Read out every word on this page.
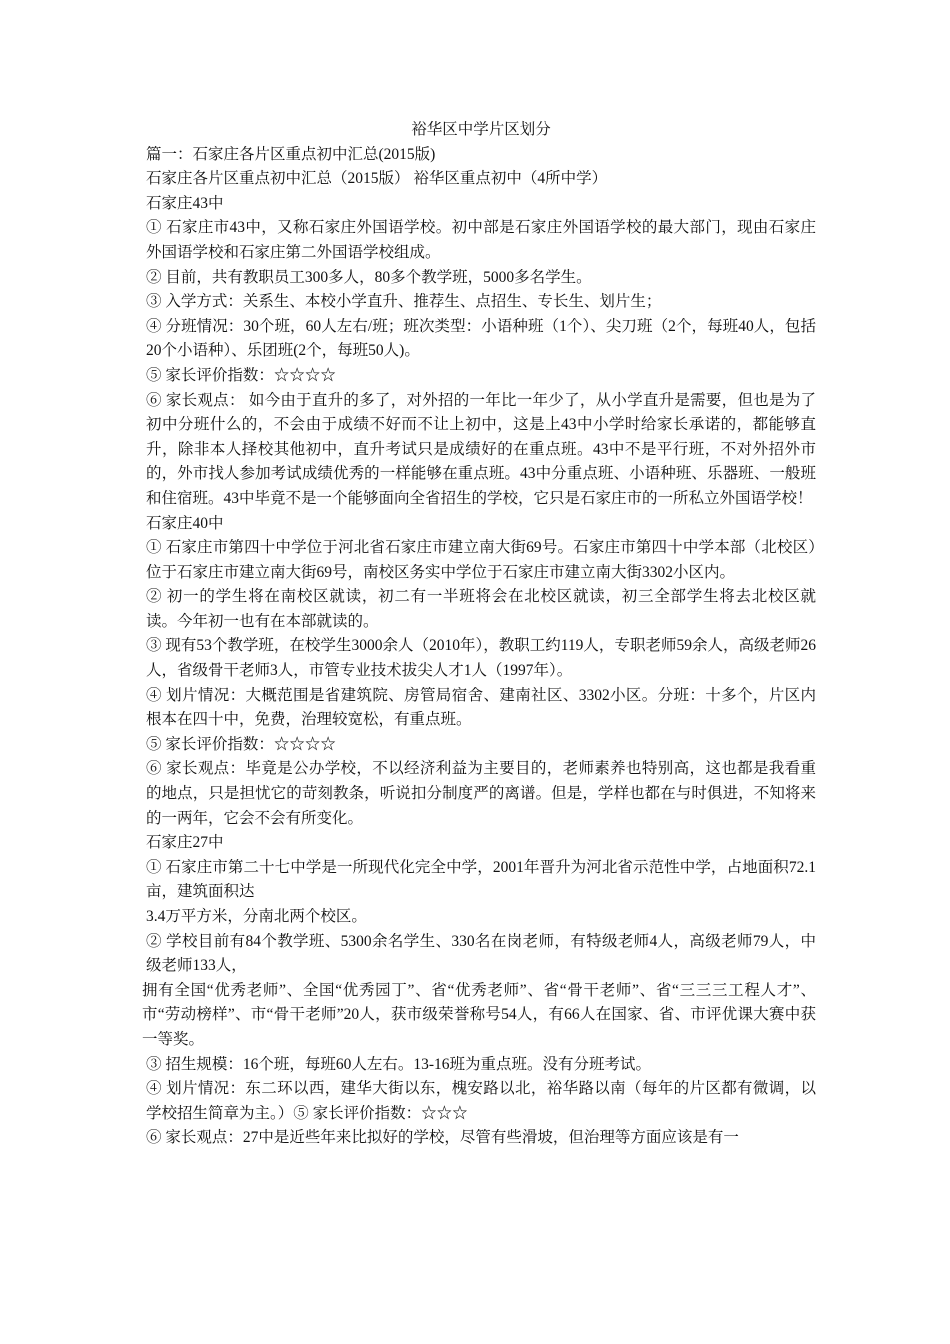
裕华区中学片区划分

篇一：石家庄各片区重点初中汇总(2015版)

石家庄各片区重点初中汇总（2015版） 裕华区重点初中（4所中学）

石家庄43中

① 石家庄市43中，又称石家庄外国语学校。初中部是石家庄外国语学校的最大部门，现由石家庄外国语学校和石家庄第二外国语学校组成。

② 目前，共有教职员工300多人，80多个教学班，5000多名学生。

③ 入学方式：关系生、本校小学直升、推荐生、点招生、专长生、划片生；

④ 分班情况：30个班，60人左右/班；班次类型：小语种班（1个）、尖刀班（2个，每班40人，包括20个小语种）、乐团班(2个，每班50人)。

⑤ 家长评价指数：☆☆☆☆

⑥ 家长观点： 如今由于直升的多了，对外招的一年比一年少了，从小学直升是需要，但也是为了初中分班什么的，不会由于成绩不好而不让上初中，这是上43中小学时给家长承诺的，都能够直升，除非本人择校其他初中，直升考试只是成绩好的在重点班。43中不是平行班，不对外招外市的，外市找人参加考试成绩优秀的一样能够在重点班。43中分重点班、小语种班、乐器班、一般班和住宿班。43中毕竟不是一个能够面向全省招生的学校，它只是石家庄市的一所私立外国语学校！

石家庄40中

① 石家庄市第四十中学位于河北省石家庄市建立南大街69号。石家庄市第四十中学本部（北校区）位于石家庄市建立南大街69号，南校区务实中学位于石家庄市建立南大街3302小区内。

② 初一的学生将在南校区就读，初二有一半班将会在北校区就读，初三全部学生将去北校区就读。今年初一也有在本部就读的。

③ 现有53个教学班，在校学生3000余人（2010年），教职工约119人，专职老师59余人，高级老师26人，省级骨干老师3人，市管专业技术拔尖人才1人（1997年）。

④ 划片情况：大概范围是省建筑院、房管局宿舍、建南社区、3302小区。分班：十多个，片区内根本在四十中，免费，治理较宽松，有重点班。

⑤ 家长评价指数：☆☆☆☆

⑥ 家长观点：毕竟是公办学校，不以经济利益为主要目的，老师素养也特别高，这也都是我看重的地点，只是担忧它的苛刻教条，听说扣分制度严的离谱。但是，学样也都在与时俱进，不知将来的一两年，它会不会有所变化。

石家庄27中

① 石家庄市第二十七中学是一所现代化完全中学，2001年晋升为河北省示范性中学，占地面积72.1亩，建筑面积达

3.4万平方米，分南北两个校区。

② 学校目前有84个教学班、5300余名学生、330名在岗老师，有特级老师4人，高级老师79人，中级老师133人，

拥有全国“优秀老师”、全国“优秀园丁”、省“优秀老师”、省“骨干老师”、省“三三三工程人才”、市“劳动榜样”、市“骨干老师”20人，获市级荣誉称号54人，有66人在国家、省、市评优课大赛中获一等奖。

③ 招生规模：16个班，每班60人左右。13-16班为重点班。没有分班考试。

④ 划片情况：东二环以西，建华大街以东，槐安路以北，裕华路以南（每年的片区都有微调，以学校招生简章为主。）⑤ 家长评价指数：☆☆☆

⑥ 家长观点：27中是近些年来比拟好的学校，尽管有些滑坡，但治理等方面应该是有一
